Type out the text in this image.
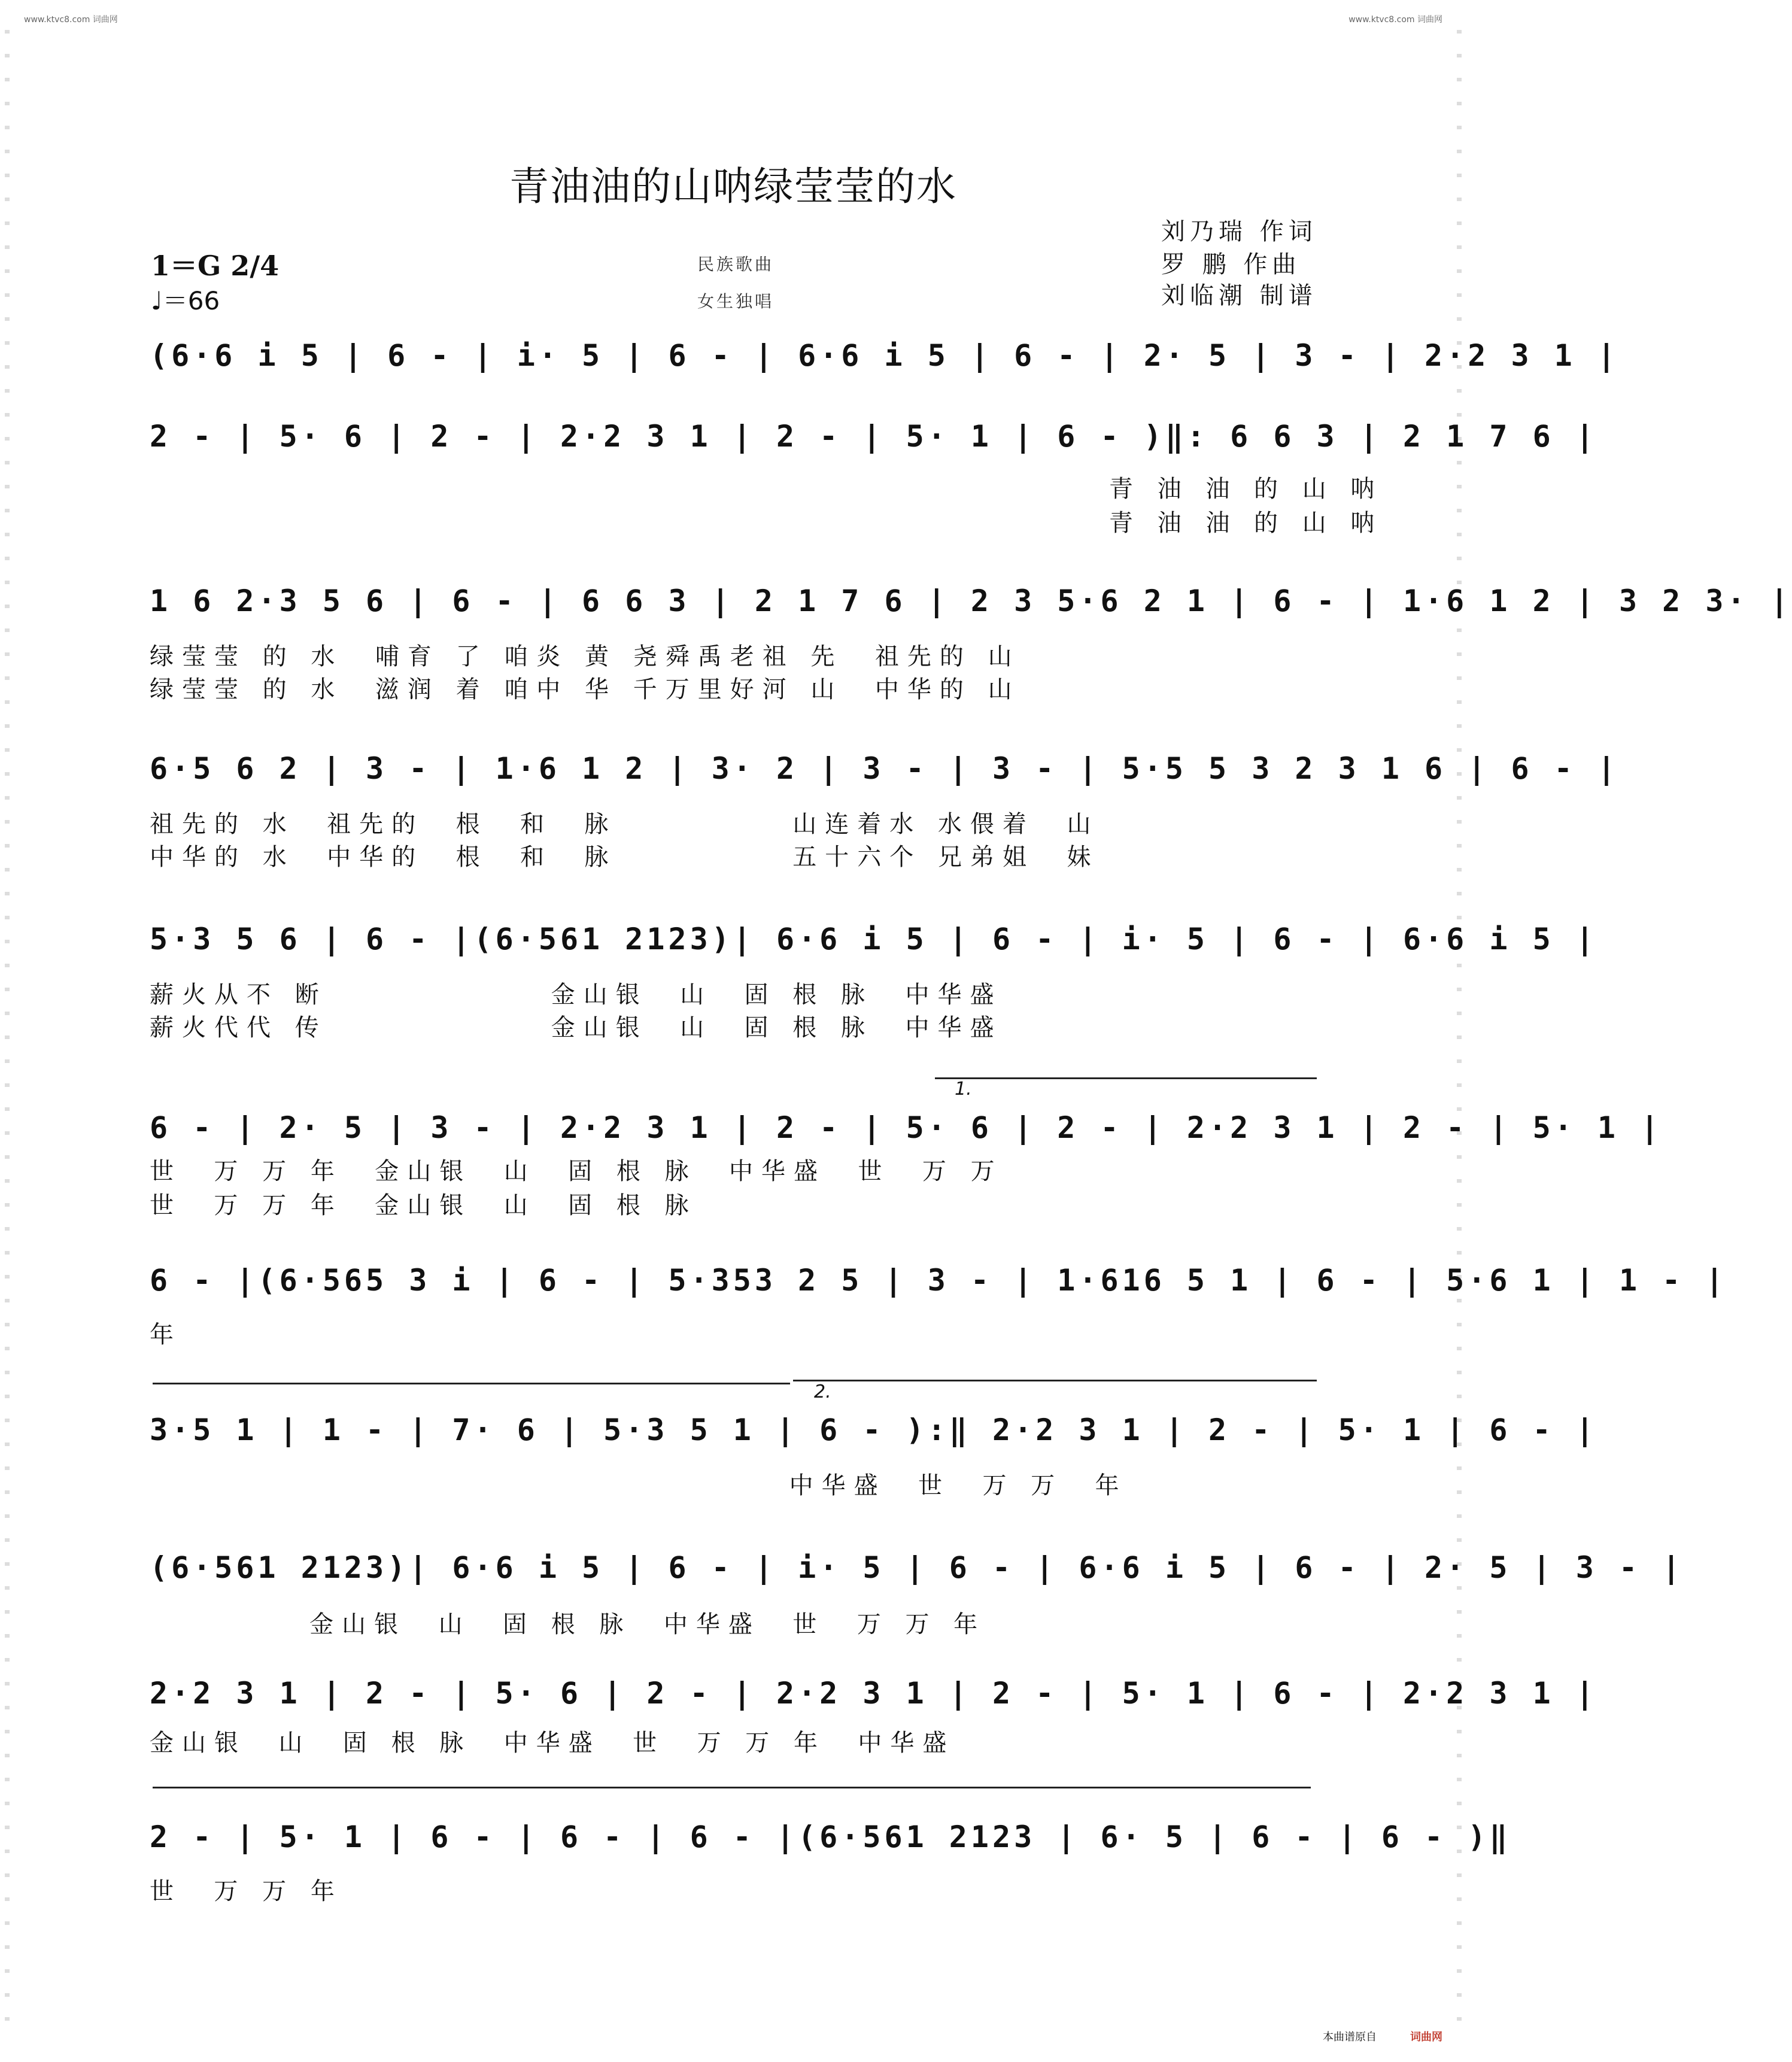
www.ktvc8.com 词曲网	www.ktvc8.com 词曲网
青油油的山呐绿莹莹的水
刘乃瑞 作词
罗 鹏 作曲
刘临潮 制谱
民族歌曲
女生独唱
1＝G 2/4
♩＝66
(6·6 i 5 | 6 - | i· 5 | 6 - | 6·6 i 5 | 6 - | 2· 5 | 3 - | 2·2 3 1 |
2 - | 5· 6 | 2 - | 2·2 3 1 | 2 - | 5· 1 | 6 - )‖: 6 6 3 | 2 1 7 6 |
青 油 油 的 山 呐
青 油 油 的 山 呐
1 6 2·3 5 6 | 6 - | 6 6 3 | 2 1 7 6 | 2 3 5·6 2 1 | 6 - | 1·6 1 2 | 3 2 3· |
绿莹莹 的 水  哺育 了 咱炎 黄 尧舜禹老祖 先  祖先的 山
绿莹莹 的 水  滋润 着 咱中 华 千万里好河 山  中华的 山
6·5 6 2 | 3 - | 1·6 1 2 | 3· 2 | 3 - | 3 - | 5·5 5 3 2 3 1 6 | 6 - |
祖先的 水  祖先的  根  和  脉           山连着水 水偎着  山
中华的 水  中华的  根  和  脉           五十六个 兄弟姐  妹
5·3 5 6 | 6 - |(6·561 2123)| 6·6 i 5 | 6 - | i· 5 | 6 - | 6·6 i 5 |
薪火从不 断              金山银  山  固 根 脉  中华盛
薪火代代 传              金山银  山  固 根 脉  中华盛
1.
6 - | 2· 5 | 3 - | 2·2 3 1 | 2 - | 5· 6 | 2 - | 2·2 3 1 | 2 - | 5· 1 |
世  万 万 年  金山银  山  固 根 脉  中华盛  世  万 万
世  万 万 年  金山银  山  固 根 脉
6 - |(6·565 3 i | 6 - | 5·353 2 5 | 3 - | 1·616 5 1 | 6 - | 5·6 1 | 1 - |
年
2.
3·5 1 | 1 - | 7· 6 | 5·3 5 1 | 6 - ):‖ 2·2 3 1 | 2 - | 5· 1 | 6 - |
中华盛  世  万 万  年
(6·561 2123)| 6·6 i 5 | 6 - | i· 5 | 6 - | 6·6 i 5 | 6 - | 2· 5 | 3 - |
金山银  山  固 根 脉  中华盛  世  万 万 年
2·2 3 1 | 2 - | 5· 6 | 2 - | 2·2 3 1 | 2 - | 5· 1 | 6 - | 2·2 3 1 |
金山银  山  固 根 脉  中华盛  世  万 万 年  中华盛
2 - | 5· 1 | 6 - | 6 - | 6 - |(6·561 2123 | 6· 5 | 6 - | 6 - )‖
世  万 万 年
本曲谱原自	词曲网
